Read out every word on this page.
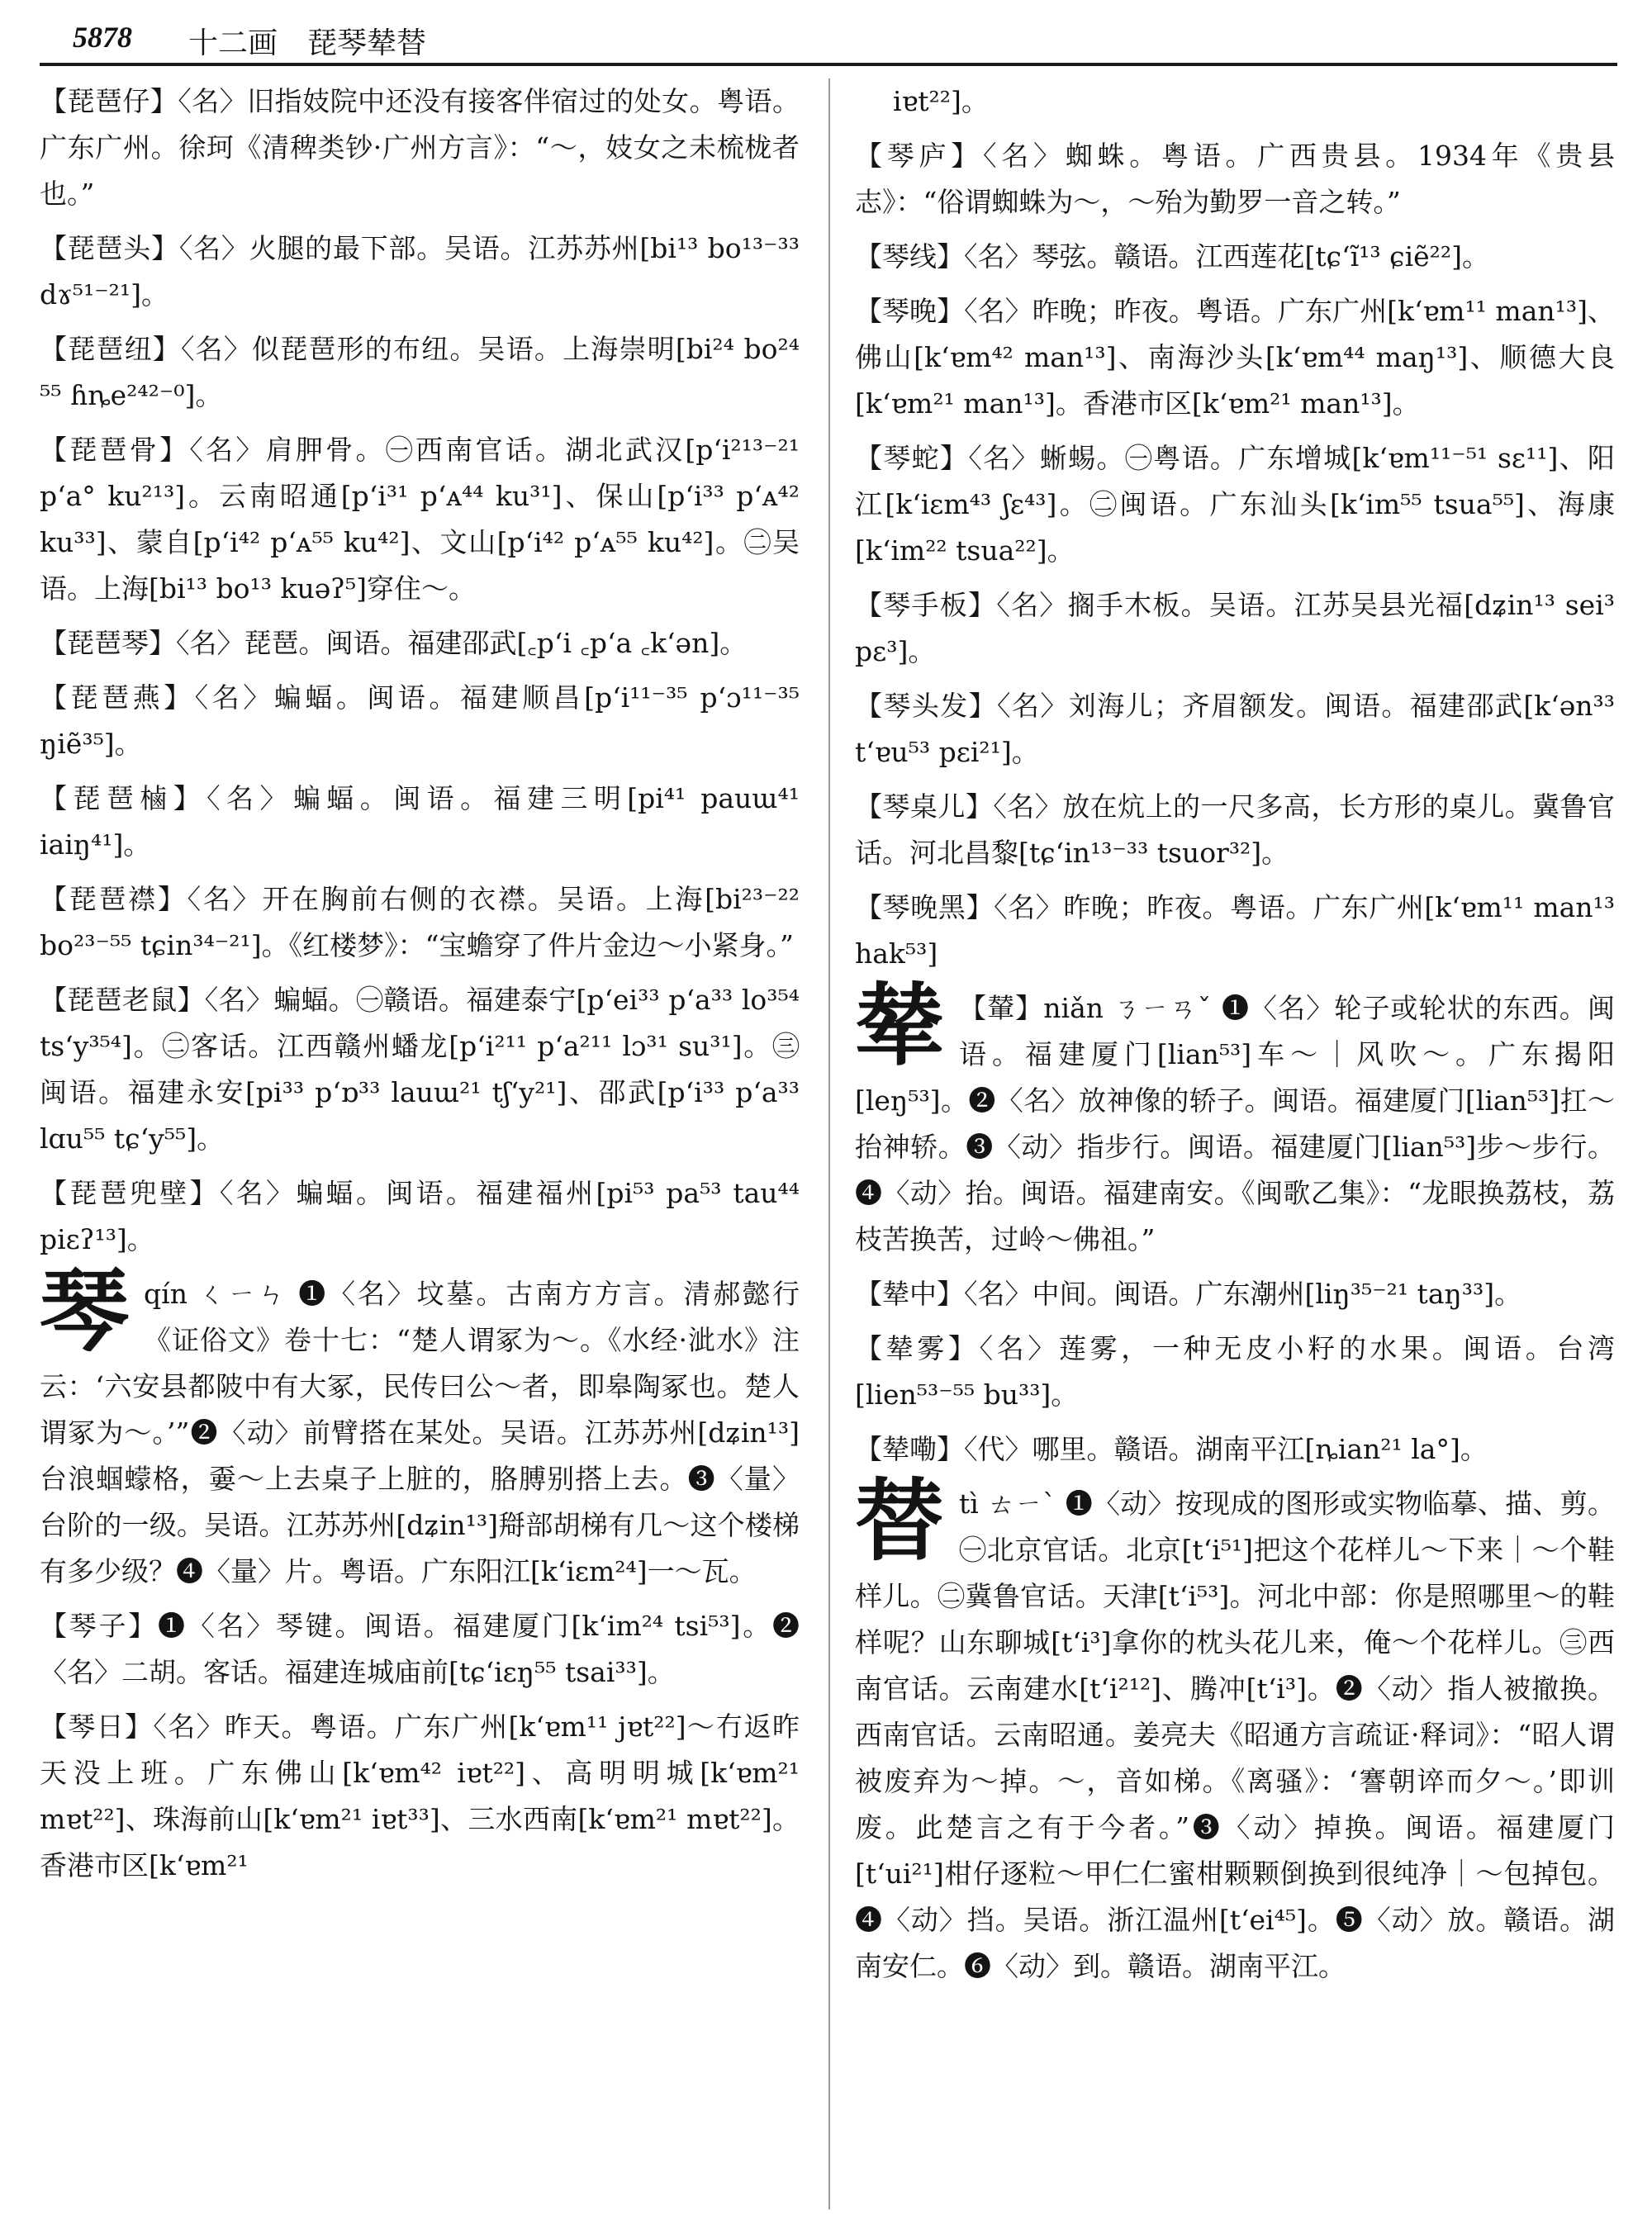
5878 十二画　琵琴辇替

【琵琶仔】〈名〉旧指妓院中还没有接客伴宿过的处女。粤语。广东广州。徐珂《清稗类钞·广州方言》：“～，妓女之未梳栊者也。”

【琵琶头】〈名〉火腿的最下部。吴语。江苏苏州[bi¹³ bo¹³⁻³³ dɤ⁵¹⁻²¹]。

【琵琶纽】〈名〉似琵琶形的布纽。吴语。上海崇明[bi²⁴ bo²⁴ ⁵⁵ ɦȵe²⁴²⁻⁰]。

【琵琶骨】〈名〉肩胛骨。㊀西南官话。湖北武汉[p‘i²¹³⁻²¹ p‘a° ku²¹³]。云南昭通[p‘i³¹ p‘ᴀ⁴⁴ ku³¹]、保山[p‘i³³ p‘ᴀ⁴² ku³³]、蒙自[p‘i⁴² p‘ᴀ⁵⁵ ku⁴²]、文山[p‘i⁴² p‘ᴀ⁵⁵ ku⁴²]。㊁吴语。上海[bi¹³ bo¹³ kuəʔ⁵]穿住～。

【琵琶琴】〈名〉琵琶。闽语。福建邵武[꜀p‘i ꜀p‘a ꜀k‘ən]。

【琵琶燕】〈名〉蝙蝠。闽语。福建顺昌[p‘i¹¹⁻³⁵ p‘ɔ¹¹⁻³⁵ ŋiẽ³⁵]。

【琵琶樐】〈名〉蝙蝠。闽语。福建三明[pi⁴¹ pauɯ⁴¹ iaiŋ⁴¹]。

【琵琶襟】〈名〉开在胸前右侧的衣襟。吴语。上海[bi²³⁻²² bo²³⁻⁵⁵ tɕin³⁴⁻²¹]。《红楼梦》：“宝蟾穿了件片金边～小紧身。”

【琵琶老鼠】〈名〉蝙蝠。㊀赣语。福建泰宁[p‘ei³³ p‘a³³ lo³⁵⁴ ts‘y³⁵⁴]。㊁客话。江西赣州蟠龙[p‘i²¹¹ p‘a²¹¹ lɔ³¹ su³¹]。㊂闽语。福建永安[pi³³ p‘ɒ³³ lauɯ²¹ tʃ‘y²¹]、邵武[p‘i³³ p‘a³³ lɑu⁵⁵ tɕ‘y⁵⁵]。

【琵琶兜壁】〈名〉蝙蝠。闽语。福建福州[pi⁵³ pa⁵³ tau⁴⁴ piɛʔ¹³]。

琴 qín ㄑㄧㄣ ❶〈名〉坟墓。古南方方言。清郝懿行《证俗文》卷十七：“楚人谓冢为～。《水经·泚水》注云：‘六安县都陂中有大冢，民传曰公～者，即皋陶冢也。楚人谓冢为～。’”❷〈动〉前臂搭在某处。吴语。江苏苏州[dʑin¹³]台浪蝈蠓格，嫑～上去桌子上脏的，胳膊别搭上去。❸〈量〉台阶的一级。吴语。江苏苏州[dʑin¹³]搿部胡梯有几～这个楼梯有多少级？❹〈量〉片。粤语。广东阳江[k‘iɛm²⁴]一～瓦。

【琴子】❶〈名〉琴键。闽语。福建厦门[k‘im²⁴ tsi⁵³]。❷〈名〉二胡。客话。福建连城庙前[tɕ‘iɛŋ⁵⁵ tsai³³]。

【琴日】〈名〉昨天。粤语。广东广州[k‘ɐm¹¹ jɐt²²]～冇返昨天没上班。广东佛山[k‘ɐm⁴² iɐt²²]、高明明城[k‘ɐm²¹ mɐt²²]、珠海前山[k‘ɐm²¹ iɐt³³]、三水西南[k‘ɐm²¹ mɐt²²]。香港市区[k‘ɐm²¹

iɐt²²]。

【琴庐】〈名〉蜘蛛。粤语。广西贵县。1934年《贵县志》：“俗谓蜘蛛为～，～殆为勤罗一音之转。”

【琴线】〈名〉琴弦。赣语。江西莲花[tɕ‘ĩ¹³ ɕiẽ²²]。

【琴晚】〈名〉昨晚；昨夜。粤语。广东广州[k‘ɐm¹¹ man¹³]、佛山[k‘ɐm⁴² man¹³]、南海沙头[k‘ɐm⁴⁴ maŋ¹³]、顺德大良[k‘ɐm²¹ man¹³]。香港市区[k‘ɐm²¹ man¹³]。

【琴蛇】〈名〉蜥蜴。㊀粤语。广东增城[k‘ɐm¹¹⁻⁵¹ sɛ¹¹]、阳江[k‘iɛm⁴³ ʃɛ⁴³]。㊁闽语。广东汕头[k‘im⁵⁵ tsua⁵⁵]、海康[k‘im²² tsua²²]。

【琴手板】〈名〉搁手木板。吴语。江苏吴县光福[dʑin¹³ sei³ pɛ³]。

【琴头发】〈名〉刘海儿；齐眉额发。闽语。福建邵武[k‘ən³³ t‘ɐu⁵³ pɛi²¹]。

【琴桌儿】〈名〉放在炕上的一尺多高，长方形的桌儿。冀鲁官话。河北昌黎[tɕ‘in¹³⁻³³ tsuor³²]。

【琴晚黑】〈名〉昨晚；昨夜。粤语。广东广州[k‘ɐm¹¹ man¹³ hak⁵³]

辇 【輦】niǎn ㄋㄧㄢˇ ❶〈名〉轮子或轮状的东西。闽语。福建厦门[lian⁵³]车～｜风吹～。广东揭阳[leŋ⁵³]。❷〈名〉放神像的轿子。闽语。福建厦门[lian⁵³]扛～抬神轿。❸〈动〉指步行。闽语。福建厦门[lian⁵³]步～步行。❹〈动〉抬。闽语。福建南安。《闽歌乙集》：“龙眼换荔枝，荔枝苦换苦，过岭～佛祖。”

【辇中】〈名〉中间。闽语。广东潮州[liŋ³⁵⁻²¹ taŋ³³]。

【辇雾】〈名〉莲雾，一种无皮小籽的水果。闽语。台湾[lien⁵³⁻⁵⁵ bu³³]。

【辇嘞】〈代〉哪里。赣语。湖南平江[ȵian²¹ la°]。

替 tì ㄊㄧˋ ❶〈动〉按现成的图形或实物临摹、描、剪。㊀北京官话。北京[t‘i⁵¹]把这个花样儿～下来｜～个鞋样儿。㊁冀鲁官话。天津[t‘i⁵³]。河北中部：你是照哪里～的鞋样呢？山东聊城[t‘i³]拿你的枕头花儿来，俺～个花样儿。㊂西南官话。云南建水[t‘i²¹²]、腾冲[t‘i³]。❷〈动〉指人被撤换。西南官话。云南昭通。姜亮夫《昭通方言疏证·释词》：“昭人谓被废弃为～掉。～，音如梯。《离骚》：‘謇朝谇而夕～。’即训废。此楚言之有于今者。”❸〈动〉掉换。闽语。福建厦门[t‘ui²¹]柑仔逐粒～甲仁仁蜜柑颗颗倒换到很纯净｜～包掉包。❹〈动〉挡。吴语。浙江温州[t‘ei⁴⁵]。❺〈动〉放。赣语。湖南安仁。❻〈动〉到。赣语。湖南平江。
